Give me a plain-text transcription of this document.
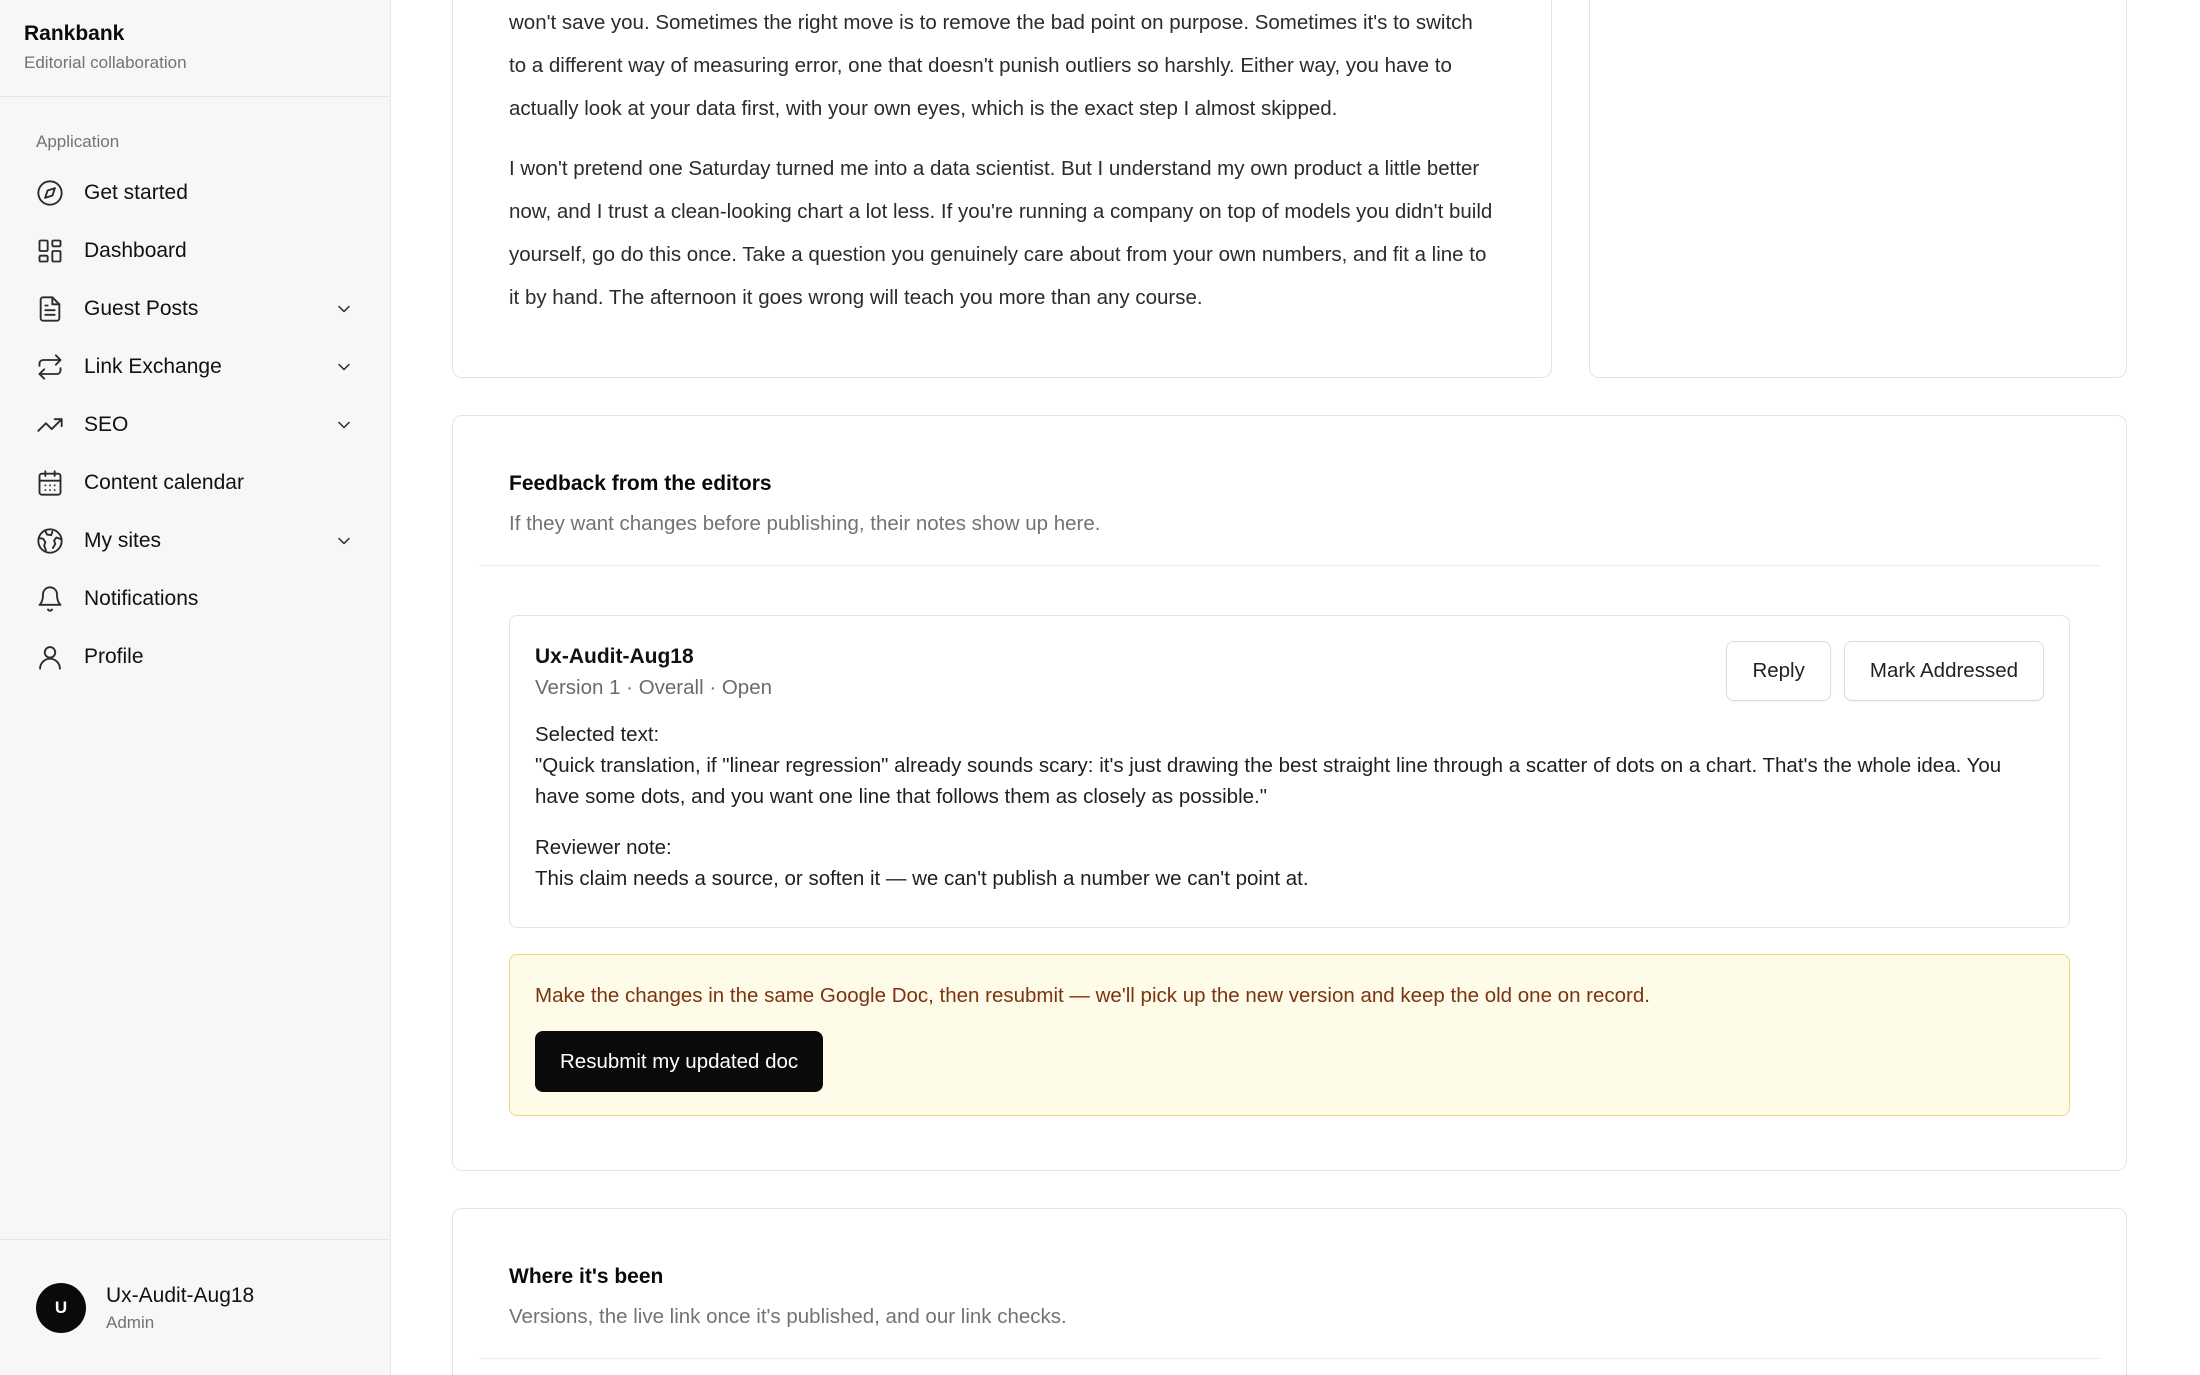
Rankbank
Editorial collaboration
Application
Get started
Dashboard
Guest Posts
Link Exchange
SEO
Content calendar
My sites
Notifications
Profile
U
Ux-Audit-Aug18
Admin

won't save you. Sometimes the right move is to remove the bad point on purpose. Sometimes it's to switch to a different way of measuring error, one that doesn't punish outliers so harshly. Either way, you have to actually look at your data first, with your own eyes, which is the exact step I almost skipped.

I won't pretend one Saturday turned me into a data scientist. But I understand my own product a little better now, and I trust a clean-looking chart a lot less. If you're running a company on top of models you didn't build yourself, go do this once. Take a question you genuinely care about from your own numbers, and fit a line to it by hand. The afternoon it goes wrong will teach you more than any course.

Feedback from the editors
If they want changes before publishing, their notes show up here.
Ux-Audit-Aug18
Version 1 · Overall · Open
Reply	Mark Addressed
Selected text:
"Quick translation, if "linear regression" already sounds scary: it's just drawing the best straight line through a scatter of dots on a chart. That's the whole idea. You have some dots, and you want one line that follows them as closely as possible."
Reviewer note:
This claim needs a source, or soften it — we can't publish a number we can't point at.
Make the changes in the same Google Doc, then resubmit — we'll pick up the new version and keep the old one on record.
Resubmit my updated doc
Where it's been
Versions, the live link once it's published, and our link checks.
